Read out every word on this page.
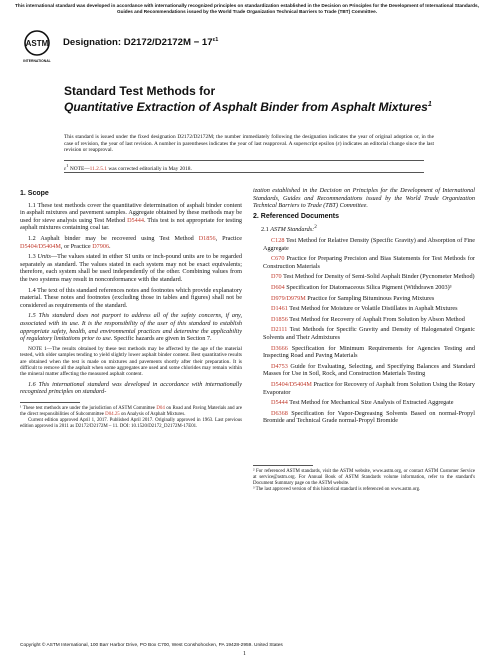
This international standard was developed in accordance with internationally recognized principles on standardization established in the Decision on Principles for the Development of International Standards, Guides and Recommendations issued by the World Trade Organization Technical Barriers to Trade (TBT) Committee.
ASTM
INTERNATIONAL
Designation: $D2172/D2172M - 17^{\varepsilon 1}$
Standard Test Methods for
Quantitative Extraction of Asphalt Binder from Asphalt Mixtures$^1$
This standard is issued under the fixed designation D2172/D2172M; the number immediately following the designation indicates the year of original adoption or, in the case of revision, the year of last revision. A number in parentheses indicates the year of last reapproval. A superscript epsilon (ε) indicates an editorial change since the last revision or reapproval.
$\varepsilon^1$ NOTE—11.2.5.1 was corrected editorially in May 2018.
1. Scope

1.1 These test methods cover the quantitative determination of asphalt binder content in asphalt mixtures and pavement samples. Aggregate obtained by these methods may be used for sieve analysis using Test Method D5444. This test is not appropriate for testing asphalt mixtures containing coal tar.

1.2 Asphalt binder may be recovered using Test Method D1856, Practice D5404/D5404M, or Practice D7906.

1.3 Units—The values stated in either SI units or inch-pound units are to be regarded separately as standard. The values stated in each system may not be exact equivalents; therefore, each system shall be used independently of the other. Combining values from the two systems may result in nonconformance with the standard.

1.4 The text of this standard references notes and footnotes which provide explanatory material. These notes and footnotes (excluding those in tables and figures) shall not be considered as requirements of the standard.

1.5 This standard does not purport to address all of the safety concerns, if any, associated with its use. It is the responsibility of the user of this standard to establish appropriate safety, health, and environmental practices and determine the applicability of regulatory limitations prior to use. Specific hazards are given in Section 7.

NOTE 1—The results obtained by these test methods may be affected by the age of the material tested, with older samples tending to yield slightly lower asphalt binder content. Best quantitative results are obtained when the test is made on mixtures and pavements shortly after their preparation. It is difficult to remove all the asphalt when some aggregates are used and some chlorides may remain within the mineral matter affecting the measured asphalt content.

1.6 This international standard was developed in accordance with internationally recognized principles on standard-

¹ These test methods are under the jurisdiction of ASTM Committee D04 on Road and Paving Materials and are the direct responsibilities of Subcommittee D04.25 on Analysis of Asphalt Mixtures.
Current edition approved April 1, 2017. Published April 2017. Originally approved in 1963. Last previous edition approved in 2011 as D2172/D2172M – 11. DOI: 10.1520/D2172_D2172M-17E01.

ization established in the Decision on Principles for the Development of International Standards, Guides and Recommendations issued by the World Trade Organization Technical Barriers to Trade (TBT) Committee.

2. Referenced Documents

2.1 ASTM Standards:$^2$

C128 Test Method for Relative Density (Specific Gravity) and Absorption of Fine Aggregate

C670 Practice for Preparing Precision and Bias Statements for Test Methods for Construction Materials

D70 Test Method for Density of Semi-Solid Asphalt Binder (Pycnometer Method)

D604 Specification for Diatomaceous Silica Pigment (Withdrawn 2003)³

D979/D979M Practice for Sampling Bituminous Paving Mixtures

D1461 Test Method for Moisture or Volatile Distillates in Asphalt Mixtures

D1856 Test Method for Recovery of Asphalt From Solution by Abson Method

D2111 Test Methods for Specific Gravity and Density of Halogenated Organic Solvents and Their Admixtures

D3666 Specification for Minimum Requirements for Agencies Testing and Inspecting Road and Paving Materials

D4753 Guide for Evaluating, Selecting, and Specifying Balances and Standard Masses for Use in Soil, Rock, and Construction Materials Testing

D5404/D5404M Practice for Recovery of Asphalt from Solution Using the Rotary Evaporator

D5444 Test Method for Mechanical Size Analysis of Extracted Aggregate

D6368 Specification for Vapor-Degreasing Solvents Based on normal-Propyl Bromide and Technical Grade normal-Propyl Bromide

² For referenced ASTM standards, visit the ASTM website, www.astm.org, or contact ASTM Customer Service at service@astm.org. For Annual Book of ASTM Standards volume information, refer to the standard's Document Summary page on the ASTM website.
³ The last approved version of this historical standard is referenced on www.astm.org.
Copyright © ASTM International, 100 Barr Harbor Drive, PO Box C700, West Conshohocken, PA 19428-2959. United States
1
